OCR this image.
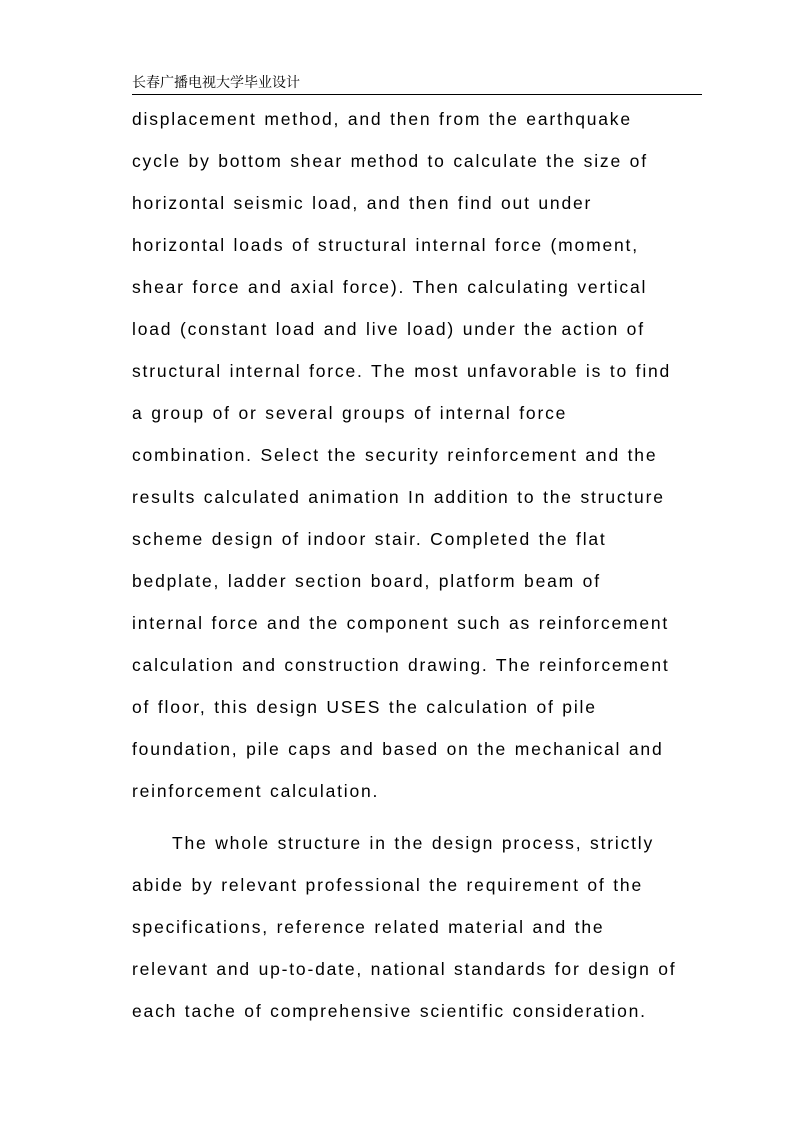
长春广播电视大学毕业设计
displacement method, and then from the earthquake
cycle by bottom shear method to calculate the size of
horizontal seismic load, and then find out under
horizontal loads of structural internal force (moment,
shear force and axial force). Then calculating vertical
load (constant load and live load) under the action of
structural internal force. The most unfavorable is to find
a group of or several groups of internal force
combination. Select the security reinforcement and the
results calculated animation In addition to the structure
scheme design of indoor stair. Completed the flat
bedplate, ladder section board, platform beam of
internal force and the component such as reinforcement
calculation and construction drawing. The reinforcement
of floor, this design USES the calculation of pile
foundation, pile caps and based on the mechanical and
reinforcement calculation.
The whole structure in the design process, strictly
abide by relevant professional the requirement of the
specifications, reference related material and the
relevant and up-to-date, national standards for design of
each tache of comprehensive scientific consideration.
